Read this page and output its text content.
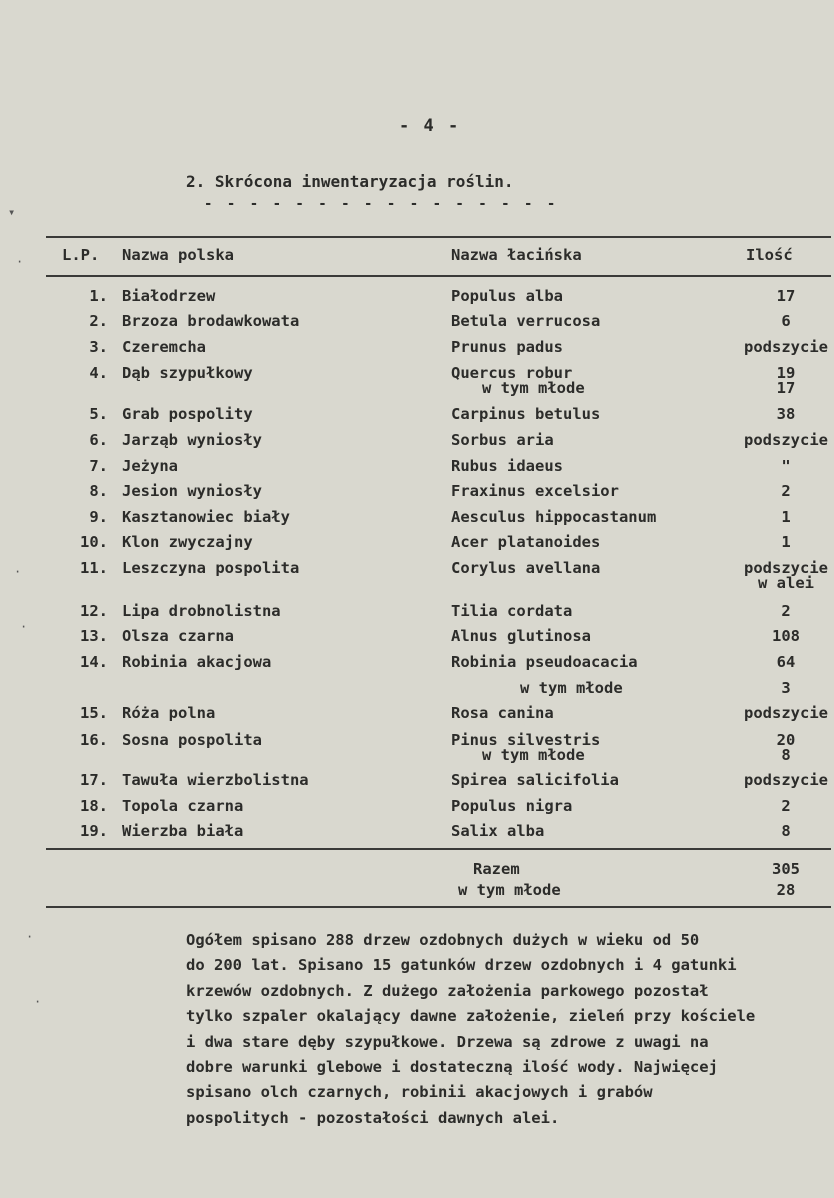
- 4 -
2. Skrócona inwentaryzacja roślin.
- - - - - - - - - - - - - - - -
L.P. Nazwa polska	Nazwa łacińska	Ilość
1. Białodrzew	Populus alba	17
2. Brzoza brodawkowata	Betula verrucosa	6
3. Czeremcha	Prunus padus	podszycie
4. Dąb szypułkowy	Quercus robur	19
w tym młode	17
5. Grab pospolity	Carpinus betulus	38
6. Jarząb wyniosły	Sorbus aria	podszycie
7. Jeżyna	Rubus idaeus	"
8. Jesion wyniosły	Fraxinus excelsior	2
9. Kasztanowiec biały	Aesculus hippocastanum	1
10. Klon zwyczajny	Acer platanoides	1
11. Leszczyna pospolita	Corylus avellana	podszycie
w alei
12. Lipa drobnolistna	Tilia cordata	2
13. Olsza czarna	Alnus glutinosa	108
14. Robinia akacjowa	Robinia pseudoacacia	64
w tym młode	3
15. Róża polna	Rosa canina	podszycie
16. Sosna pospolita	Pinus silvestris	20
w tym młode	8
17. Tawuła wierzbolistna	Spirea salicifolia	podszycie
18. Topola czarna	Populus nigra	2
19. Wierzba biała	Salix alba	8
Razem	305
w tym młode	28
Ogółem spisano 288 drzew ozdobnych dużych w wieku od 50
do 200 lat. Spisano 15 gatunków drzew ozdobnych i 4 gatunki
krzewów ozdobnych. Z dużego założenia parkowego pozostał
tylko szpaler okalający dawne założenie, zieleń przy kościele
i dwa stare dęby szypułkowe. Drzewa są zdrowe z uwagi na
dobre warunki glebowe i dostateczną ilość wody. Najwięcej
spisano olch czarnych, robinii akacjowych i grabów
pospolitych - pozostałości dawnych alei.
▾
·
·
·
·
·
